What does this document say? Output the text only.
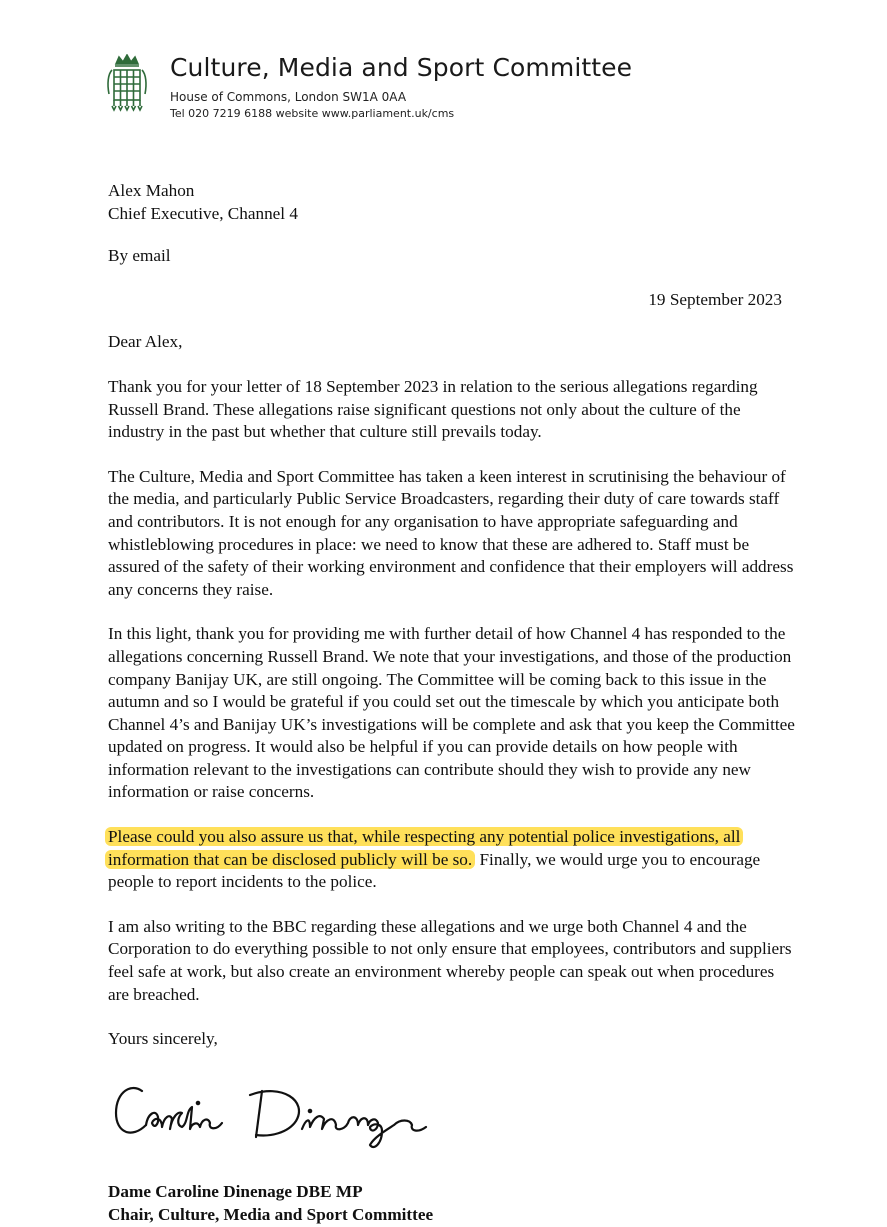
Culture, Media and Sport Committee
House of Commons, London SW1A 0AA
Tel 020 7219 6188 website www.parliament.uk/cms
Alex Mahon
Chief Executive, Channel 4
By email
19 September 2023
Dear Alex,

Thank you for your letter of 18 September 2023 in relation to the serious allegations regarding Russell Brand. These allegations raise significant questions not only about the culture of the industry in the past but whether that culture still prevails today.

The Culture, Media and Sport Committee has taken a keen interest in scrutinising the behaviour of the media, and particularly Public Service Broadcasters, regarding their duty of care towards staff and contributors. It is not enough for any organisation to have appropriate safeguarding and whistleblowing procedures in place: we need to know that these are adhered to. Staff must be assured of the safety of their working environment and confidence that their employers will address any concerns they raise.

In this light, thank you for providing me with further detail of how Channel 4 has responded to the allegations concerning Russell Brand. We note that your investigations, and those of the production company Banijay UK, are still ongoing. The Committee will be coming back to this issue in the autumn and so I would be grateful if you could set out the timescale by which you anticipate both Channel 4’s and Banijay UK’s investigations will be complete and ask that you keep the Committee updated on progress. It would also be helpful if you can provide details on how people with information relevant to the investigations can contribute should they wish to provide any new information or raise concerns.

Please could you also assure us that, while respecting any potential police investigations, all information that can be disclosed publicly will be so. Finally, we would urge you to encourage people to report incidents to the police.

I am also writing to the BBC regarding these allegations and we urge both Channel 4 and the Corporation to do everything possible to not only ensure that employees, contributors and suppliers feel safe at work, but also create an environment whereby people can speak out when procedures are breached.

Yours sincerely,
Dame Caroline Dinenage DBE MP
Chair, Culture, Media and Sport Committee
